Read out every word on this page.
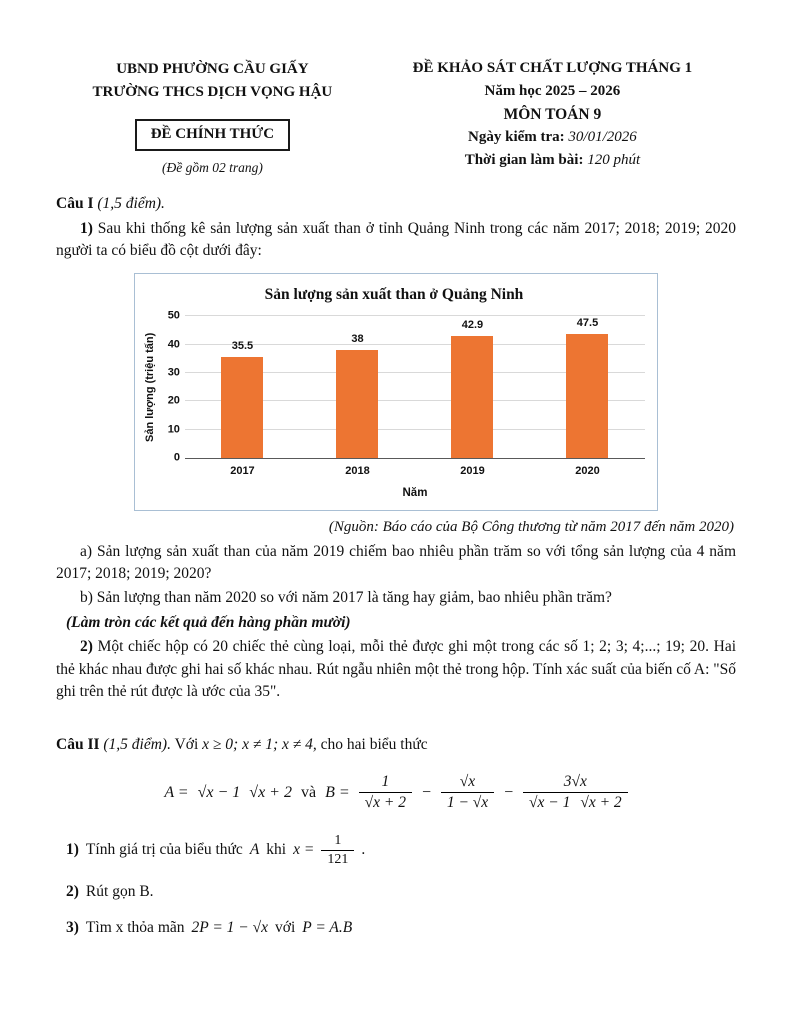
UBND PHƯỜNG CẦU GIẤY
TRƯỜNG THCS DỊCH VỌNG HẬU
ĐỀ CHÍNH THỨC
(Đề gồm 02 trang)
ĐỀ KHẢO SÁT CHẤT LƯỢNG THÁNG 1
Năm học 2025 – 2026
MÔN TOÁN 9
Ngày kiểm tra: 30/01/2026
Thời gian làm bài: 120 phút

Câu I (1,5 điểm).

1) Sau khi thống kê sản lượng sản xuất than ở tỉnh Quảng Ninh trong các năm 2017; 2018; 2019; 2020 người ta có biểu đồ cột dưới đây:

Sản lượng sản xuất than ở Quảng Ninh
Sản lượng (triệu tấn)
0
10
20
30
40
50
35.5
38
42.9	47.5
2017	2018	2019	2020
Năm

(Nguồn: Báo cáo của Bộ Công thương từ năm 2017 đến năm 2020)

a) Sản lượng sản xuất than của năm 2019 chiếm bao nhiêu phần trăm so với tổng sản lượng của 4 năm 2017; 2018; 2019; 2020?

b) Sản lượng than năm 2020 so với năm 2017 là tăng hay giảm, bao nhiêu phần trăm?

(Làm tròn các kết quả đến hàng phần mười)

2) Một chiếc hộp có 20 chiếc thẻ cùng loại, mỗi thẻ được ghi một trong các số 1; 2; 3; 4;...; 19; 20. Hai thẻ khác nhau được ghi hai số khác nhau. Rút ngẫu nhiên một thẻ trong hộp. Tính xác suất của biến cố A: "Số ghi trên thẻ rút được là ước của 35".

Câu II (1,5 điểm). Với x ≥ 0; x ≠ 1; x ≠ 4, cho hai biểu thức

A = √x − 1 √x + 2 và $B = \frac{1}{√x + 2} - \frac{√x}{1 - √x} - \frac{3√x}{√x - 1 √x + 2}$
1) Tính giá trị của biểu thức A khi $x = \frac{1}{121}$ .
2) Rút gọn B.
3) Tìm x thỏa mãn 2P = 1 − √x với P = A.B
